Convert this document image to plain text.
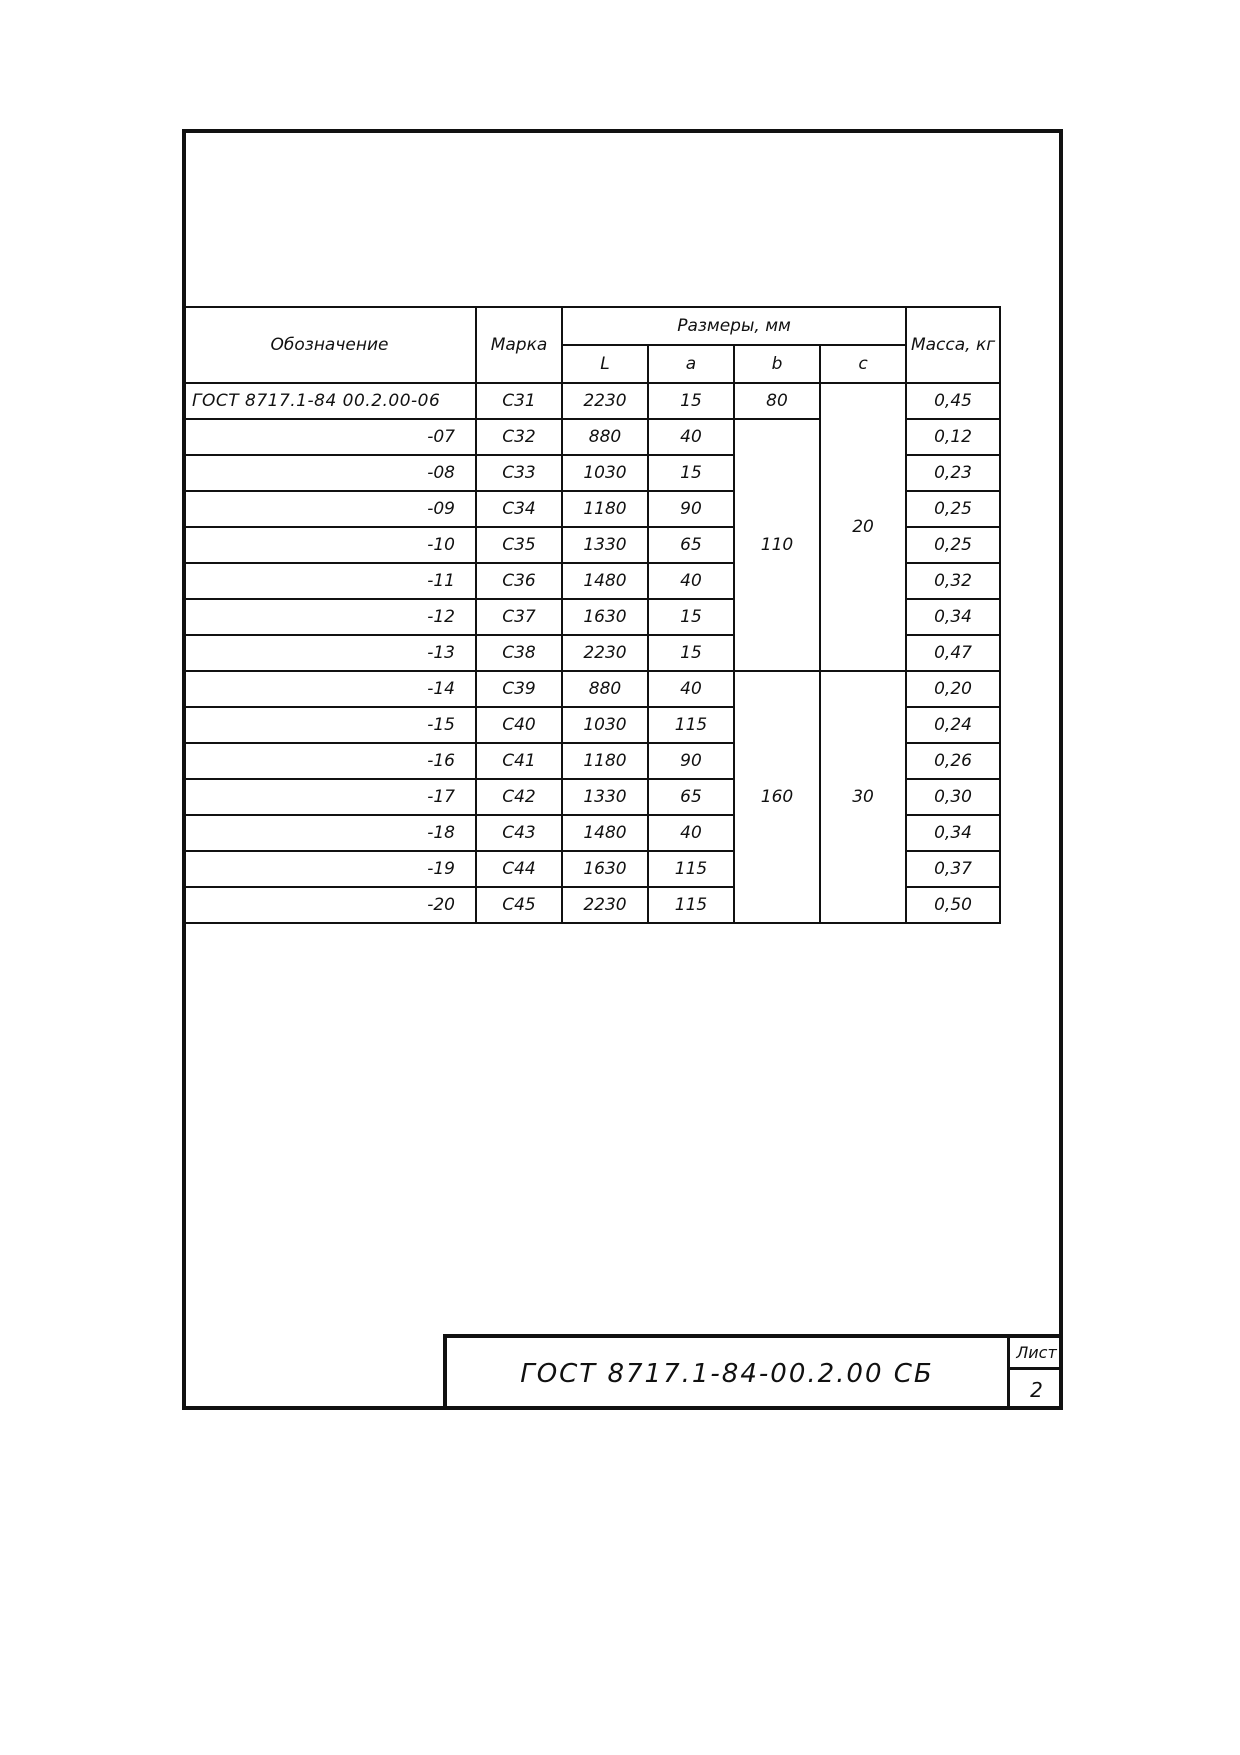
Обозначение	Марка	Размеры, мм				Масса, кг
		L	a	b	c	
ГОСТ 8717.1-84 00.2.00-06	С31	2230	15	80	20	0,45
-07	С32	880	40	110		0,12
-08	С33	1030	15			0,23
-09	С34	1180	90			0,25
-10	С35	1330	65			0,25
-11	С36	1480	40			0,32
-12	С37	1630	15			0,34
-13	С38	2230	15			0,47
-14	С39	880	40	160	30	0,20
-15	С40	1030	115			0,24
-16	С41	1180	90			0,26
-17	С42	1330	65			0,30
-18	С43	1480	40			0,34
-19	С44	1630	115			0,37
-20	С45	2230	115			0,50
ГОСТ 8717.1-84-00.2.00 СБ
Лист
2
